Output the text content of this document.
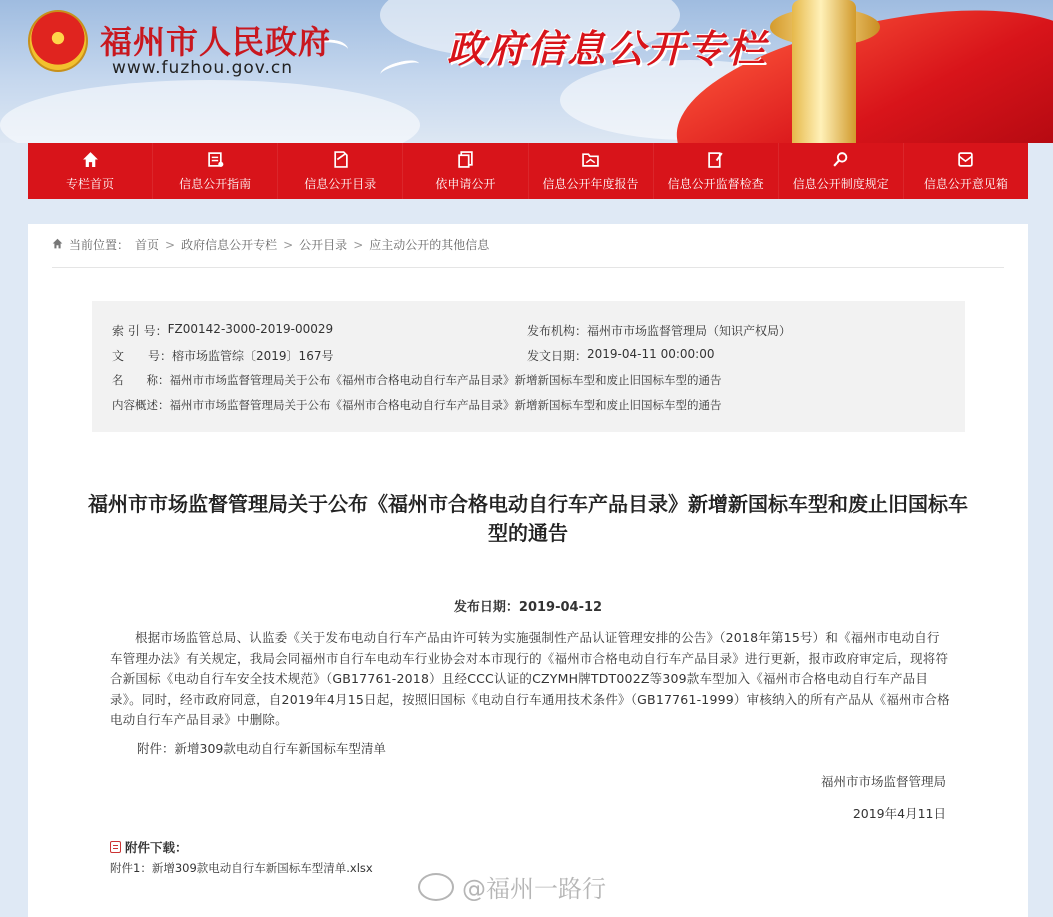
福州市人民政府
www.fuzhou.gov.cn	政府信息公开专栏
专栏首页	信息公开指南	信息公开目录	依申请公开	信息公开年度报告 信息公开监督检查 信息公开制度规定	信息公开意见箱
当前位置： 首页 > 政府信息公开专栏 > 公开目录 > 应主动公开的其他信息
索 引 号： FZ00142-3000-2019-00029	发布机构： 福州市市场监督管理局（知识产权局）
文　　号： 榕市场监管综〔2019〕167号	发文日期： 2019-04-11 00:00:00
名　　称： 福州市市场监督管理局关于公布《福州市合格电动自行车产品目录》新增新国标车型和废止旧国标车型的通告
内容概述： 福州市市场监督管理局关于公布《福州市合格电动自行车产品目录》新增新国标车型和废止旧国标车型的通告
福州市市场监督管理局关于公布《福州市合格电动自行车产品目录》新增新国标车型和废止旧国标车型的通告
发布日期：2019-04-12
根据市场监管总局、认监委《关于发布电动自行车产品由许可转为实施强制性产品认证管理安排的公告》（2018年第15号）和《福州市电动自行车管理办法》有关规定，我局会同福州市自行车电动车行业协会对本市现行的《福州市合格电动自行车产品目录》进行更新，报市政府审定后，现将符合新国标《电动自行车安全技术规范》（GB17761-2018）且经CCC认证的CZYMH牌TDT002Z等309款车型加入《福州市合格电动自行车产品目录》。同时，经市政府同意，自2019年4月15日起，按照旧国标《电动自行车通用技术条件》（GB17761-1999）审核纳入的所有产品从《福州市合格电动自行车产品目录》中删除。
附件：新增309款电动自行车新国标车型清单
福州市市场监督管理局
2019年4月11日
附件下载：
附件1：新增309款电动自行车新国标车型清单.xlsx
@福州一路行
